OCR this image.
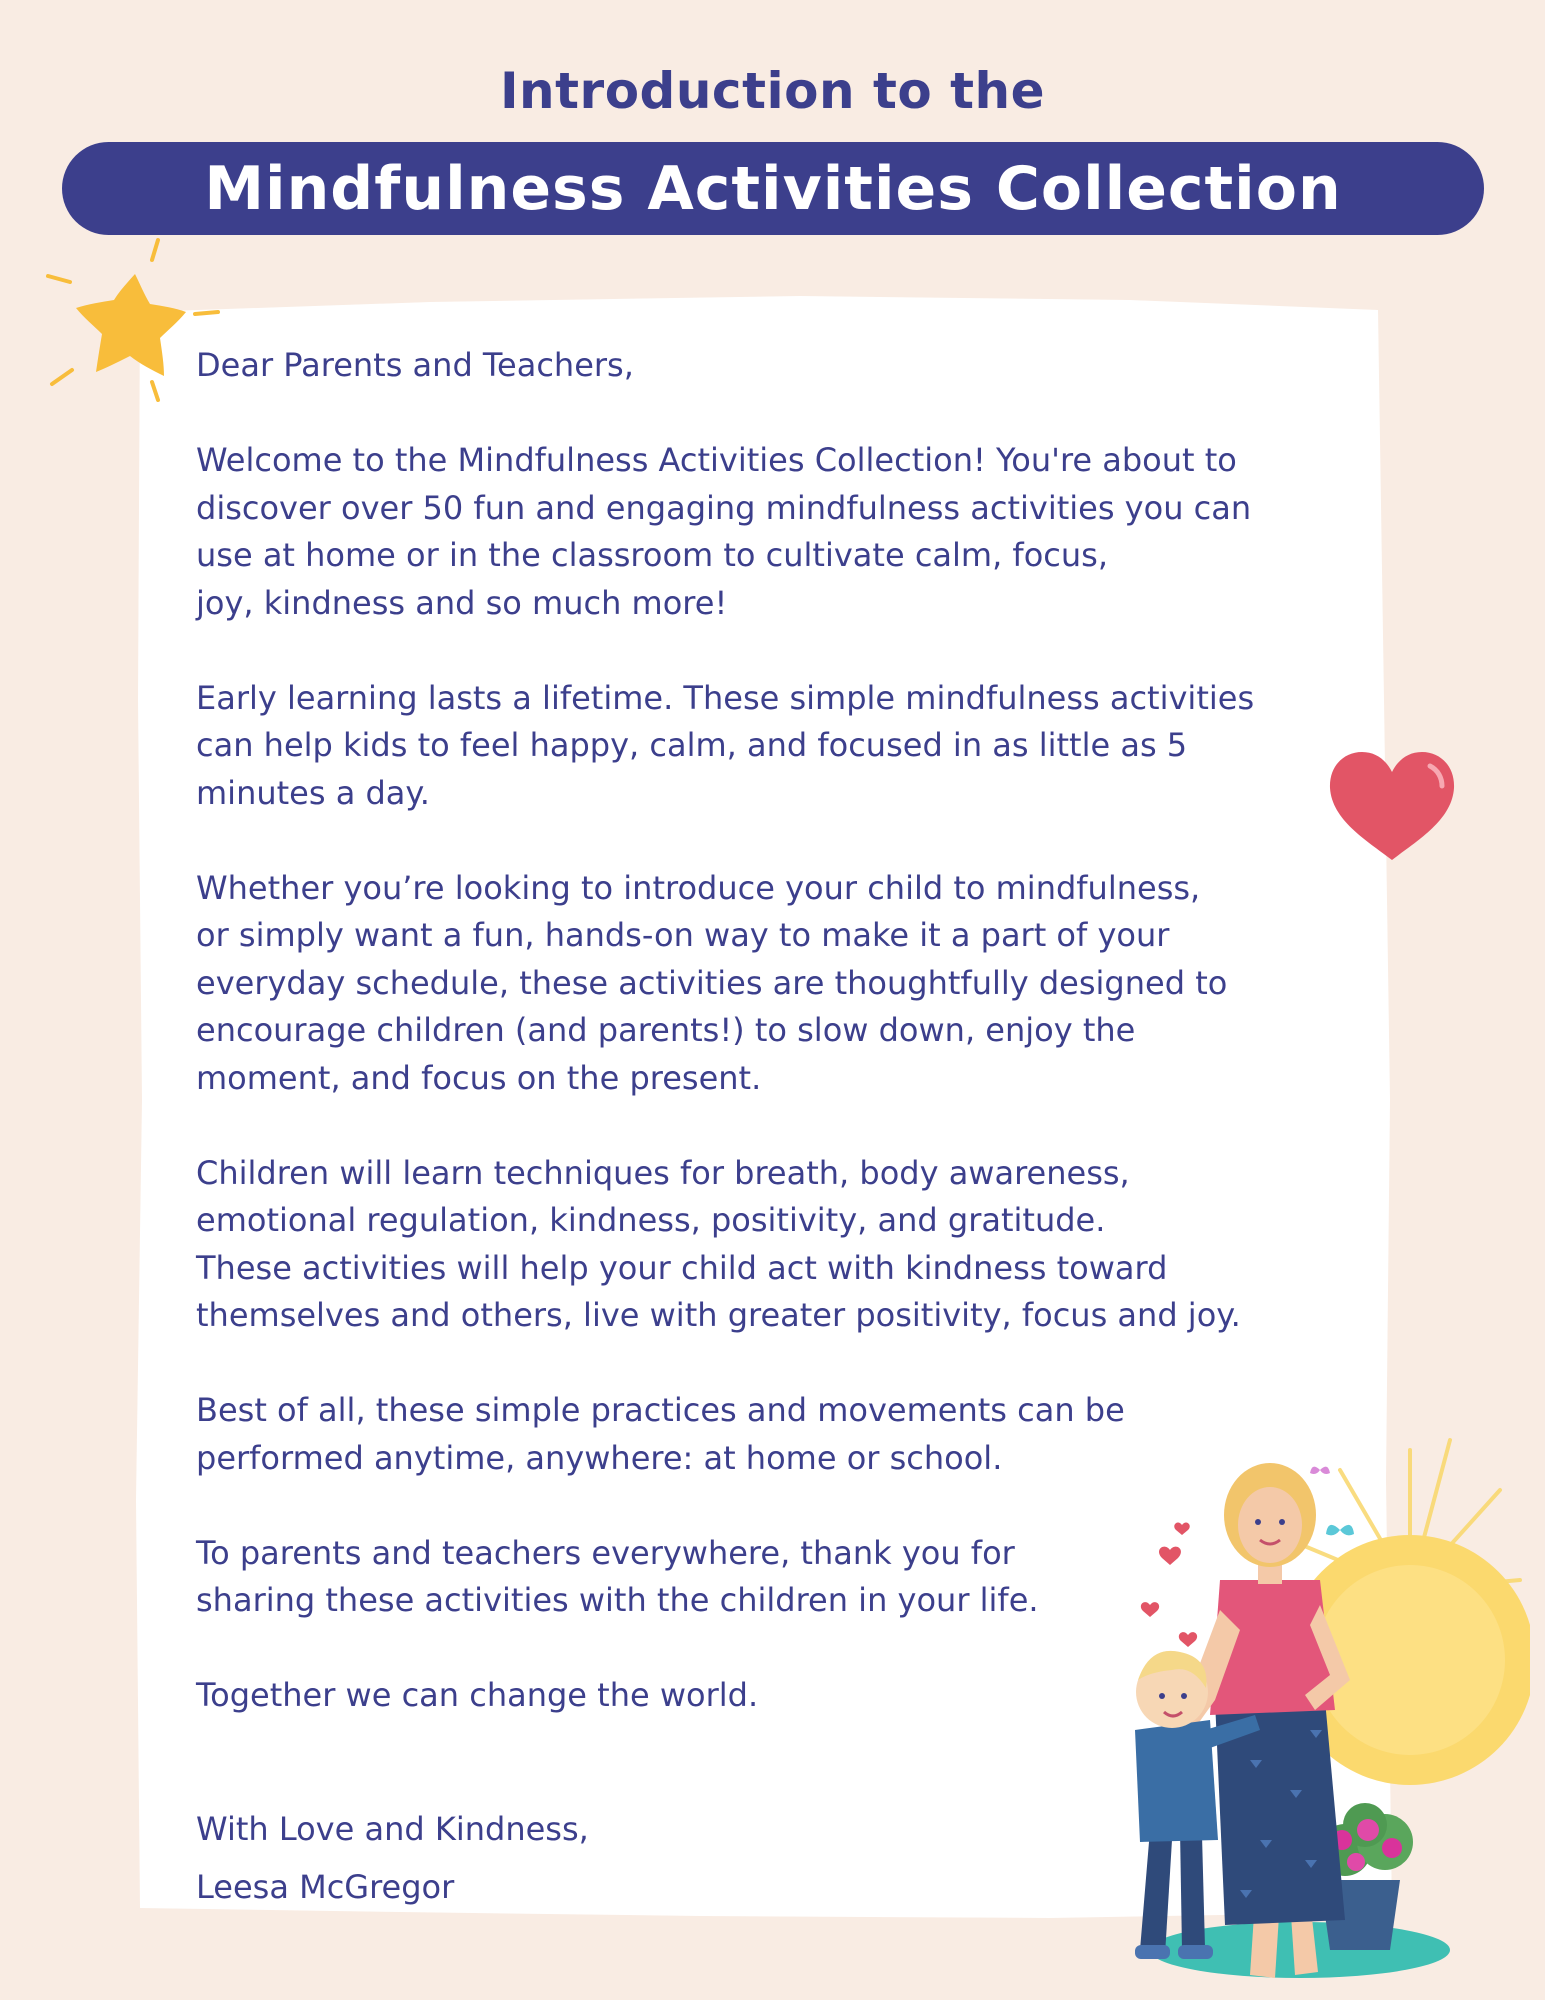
Introduction to the
Mindfulness Activities Collection

Dear Parents and Teachers,

Welcome to the Mindfulness Activities Collection! You're about to
discover over 50 fun and engaging mindfulness activities you can
use at home or in the classroom to cultivate calm, focus,
joy, kindness and so much more!

Early learning lasts a lifetime. These simple mindfulness activities
can help kids to feel happy, calm, and focused in as little as 5
minutes a day.

Whether you’re looking to introduce your child to mindfulness,
or simply want a fun, hands-on way to make it a part of your
everyday schedule, these activities are thoughtfully designed to
encourage children (and parents!) to slow down, enjoy the
moment, and focus on the present.

Children will learn techniques for breath, body awareness,
emotional regulation, kindness, positivity, and gratitude.
These activities will help your child act with kindness toward
themselves and others, live with greater positivity, focus and joy.

Best of all, these simple practices and movements can be
performed anytime, anywhere: at home or school.

To parents and teachers everywhere, thank you for
sharing these activities with the children in your life.

Together we can change the world.

With Love and Kindness,
Leesa McGregor
